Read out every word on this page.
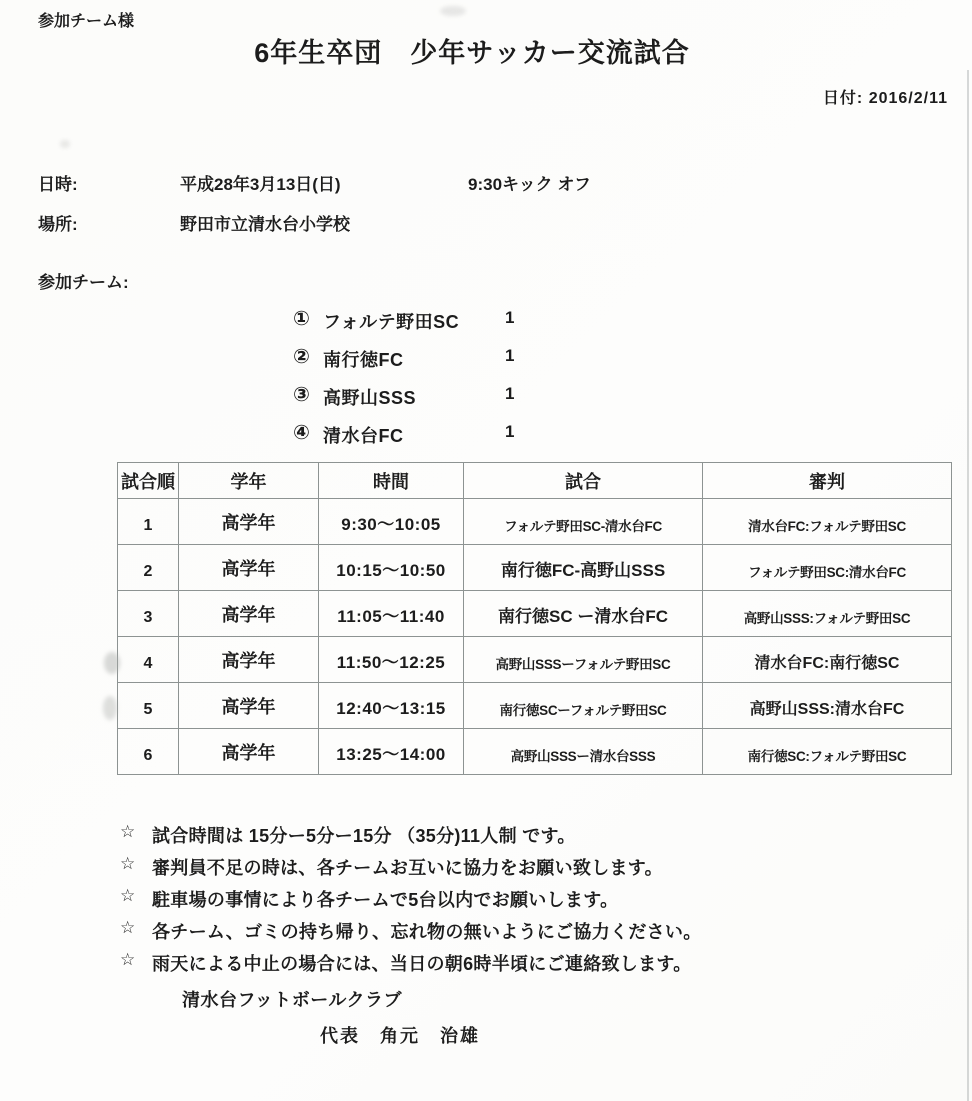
参加チーム様
6年生卒団　少年サッカー交流試合
日付: 2016/2/11
日時:	平成28年3月13日(日)	9:30キック オフ
場所:	野田市立清水台小学校
参加チーム:
① フォルテ野田SC	1
② 南行徳FC	1
③ 高野山SSS	1
④ 清水台FC	1
試合順	学年	時間	試合	審判
1	高学年	9:30〜10:05	フォルテ野田SC-清水台FC	清水台FC:フォルテ野田SC
2	高学年	10:15〜10:50	南行徳FC-高野山SSS	フォルテ野田SC:清水台FC
3	高学年	11:05〜11:40	南行徳SC ー清水台FC	高野山SSS:フォルテ野田SC
4	高学年	11:50〜12:25	高野山SSSーフォルテ野田SC	清水台FC:南行徳SC
5	高学年	12:40〜13:15	南行徳SCーフォルテ野田SC	高野山SSS:清水台FC
6	高学年	13:25〜14:00	高野山SSSー清水台SSS	南行徳SC:フォルテ野田SC
☆ 試合時間は 15分ー5分ー15分 （35分)11人制 です。
☆ 審判員不足の時は、各チームお互いに協力をお願い致します。
☆ 駐車場の事情により各チームで5台以内でお願いします。
☆ 各チーム、ゴミの持ち帰り、忘れ物の無いようにご協力ください。
☆ 雨天による中止の場合には、当日の朝6時半頃にご連絡致します。
清水台フットボールクラブ
代表　角元　治雄
